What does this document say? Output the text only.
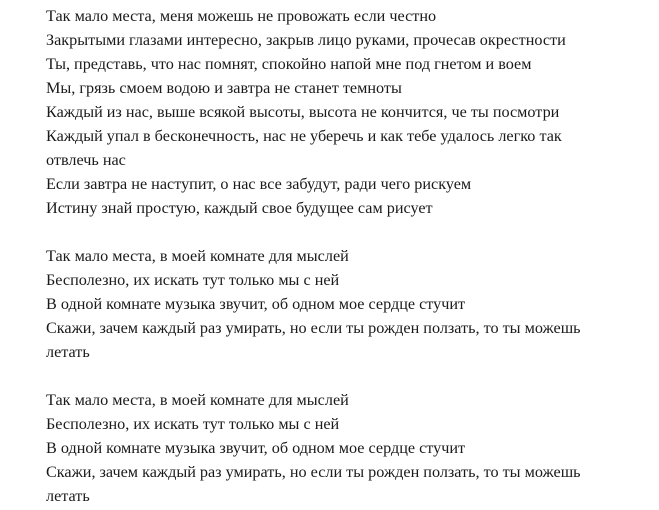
Так мало места, меня можешь не провожать если честно
Закрытыми глазами интересно, закрыв лицо руками, прочесав окрестности
Ты, представь, что нас помнят, спокойно напой мне под гнетом и воем
Мы, грязь смоем водою и завтра не станет темноты
Каждый из нас, выше всякой высоты, высота не кончится, че ты посмотри
Каждый упал в бесконечность, нас не уберечь и как тебе удалось легко так
отвлечь нас
Если завтра не наступит, о нас все забудут, ради чего рискуем
Истину знай простую, каждый свое будущее сам рисует
Так мало места, в моей комнате для мыслей
Бесполезно, их искать тут только мы с ней
В одной комнате музыка звучит, об одном мое сердце стучит
Скажи, зачем каждый раз умирать, но если ты рожден ползать, то ты можешь
летать
Так мало места, в моей комнате для мыслей
Бесполезно, их искать тут только мы с ней
В одной комнате музыка звучит, об одном мое сердце стучит
Скажи, зачем каждый раз умирать, но если ты рожден ползать, то ты можешь
летать
